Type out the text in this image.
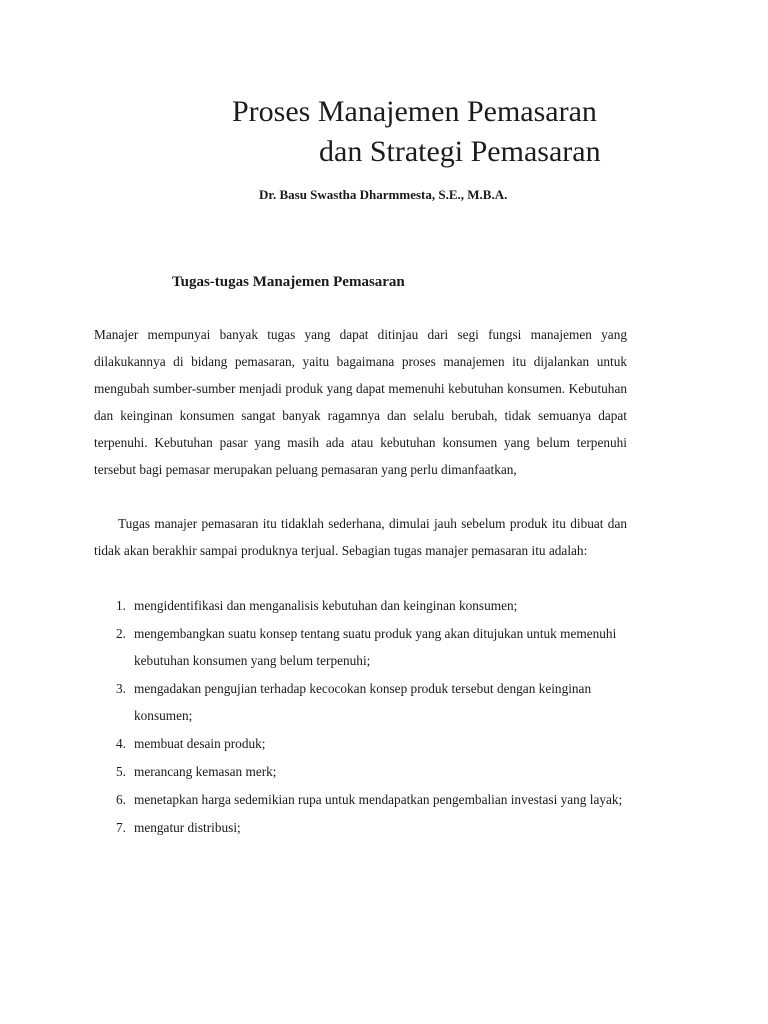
Proses Manajemen Pemasaran
dan Strategi Pemasaran
Dr. Basu Swastha Dharmmesta, S.E., M.B.A.
Tugas-tugas Manajemen Pemasaran

Manajer mempunyai banyak tugas yang dapat ditinjau dari segi fungsi manajemen yang dilakukannya di bidang pemasaran, yaitu bagaimana proses manajemen itu dijalankan untuk mengubah sumber-sumber menjadi produk yang dapat memenuhi kebutuhan konsumen. Kebutuhan dan keinginan konsumen sangat banyak ragamnya dan selalu berubah, tidak semuanya dapat terpenuhi. Kebutuhan pasar yang masih ada atau kebutuhan konsumen yang belum terpenuhi tersebut bagi pemasar merupakan peluang pemasaran yang perlu dimanfaatkan,

Tugas manajer pemasaran itu tidaklah sederhana, dimulai jauh sebelum produk itu dibuat dan tidak akan berakhir sampai produknya terjual. Sebagian tugas manajer pemasaran itu adalah:

1. mengidentifikasi dan menganalisis kebutuhan dan keinginan konsumen;
2. mengembangkan suatu konsep tentang suatu produk yang akan ditujukan untuk memenuhi kebutuhan konsumen yang belum terpenuhi;
3. mengadakan pengujian terhadap kecocokan konsep produk tersebut dengan keinginan konsumen;
4. membuat desain produk;
5. merancang kemasan merk;
6. menetapkan harga sedemikian rupa untuk mendapatkan pengembalian investasi yang layak;
7. mengatur distribusi;
